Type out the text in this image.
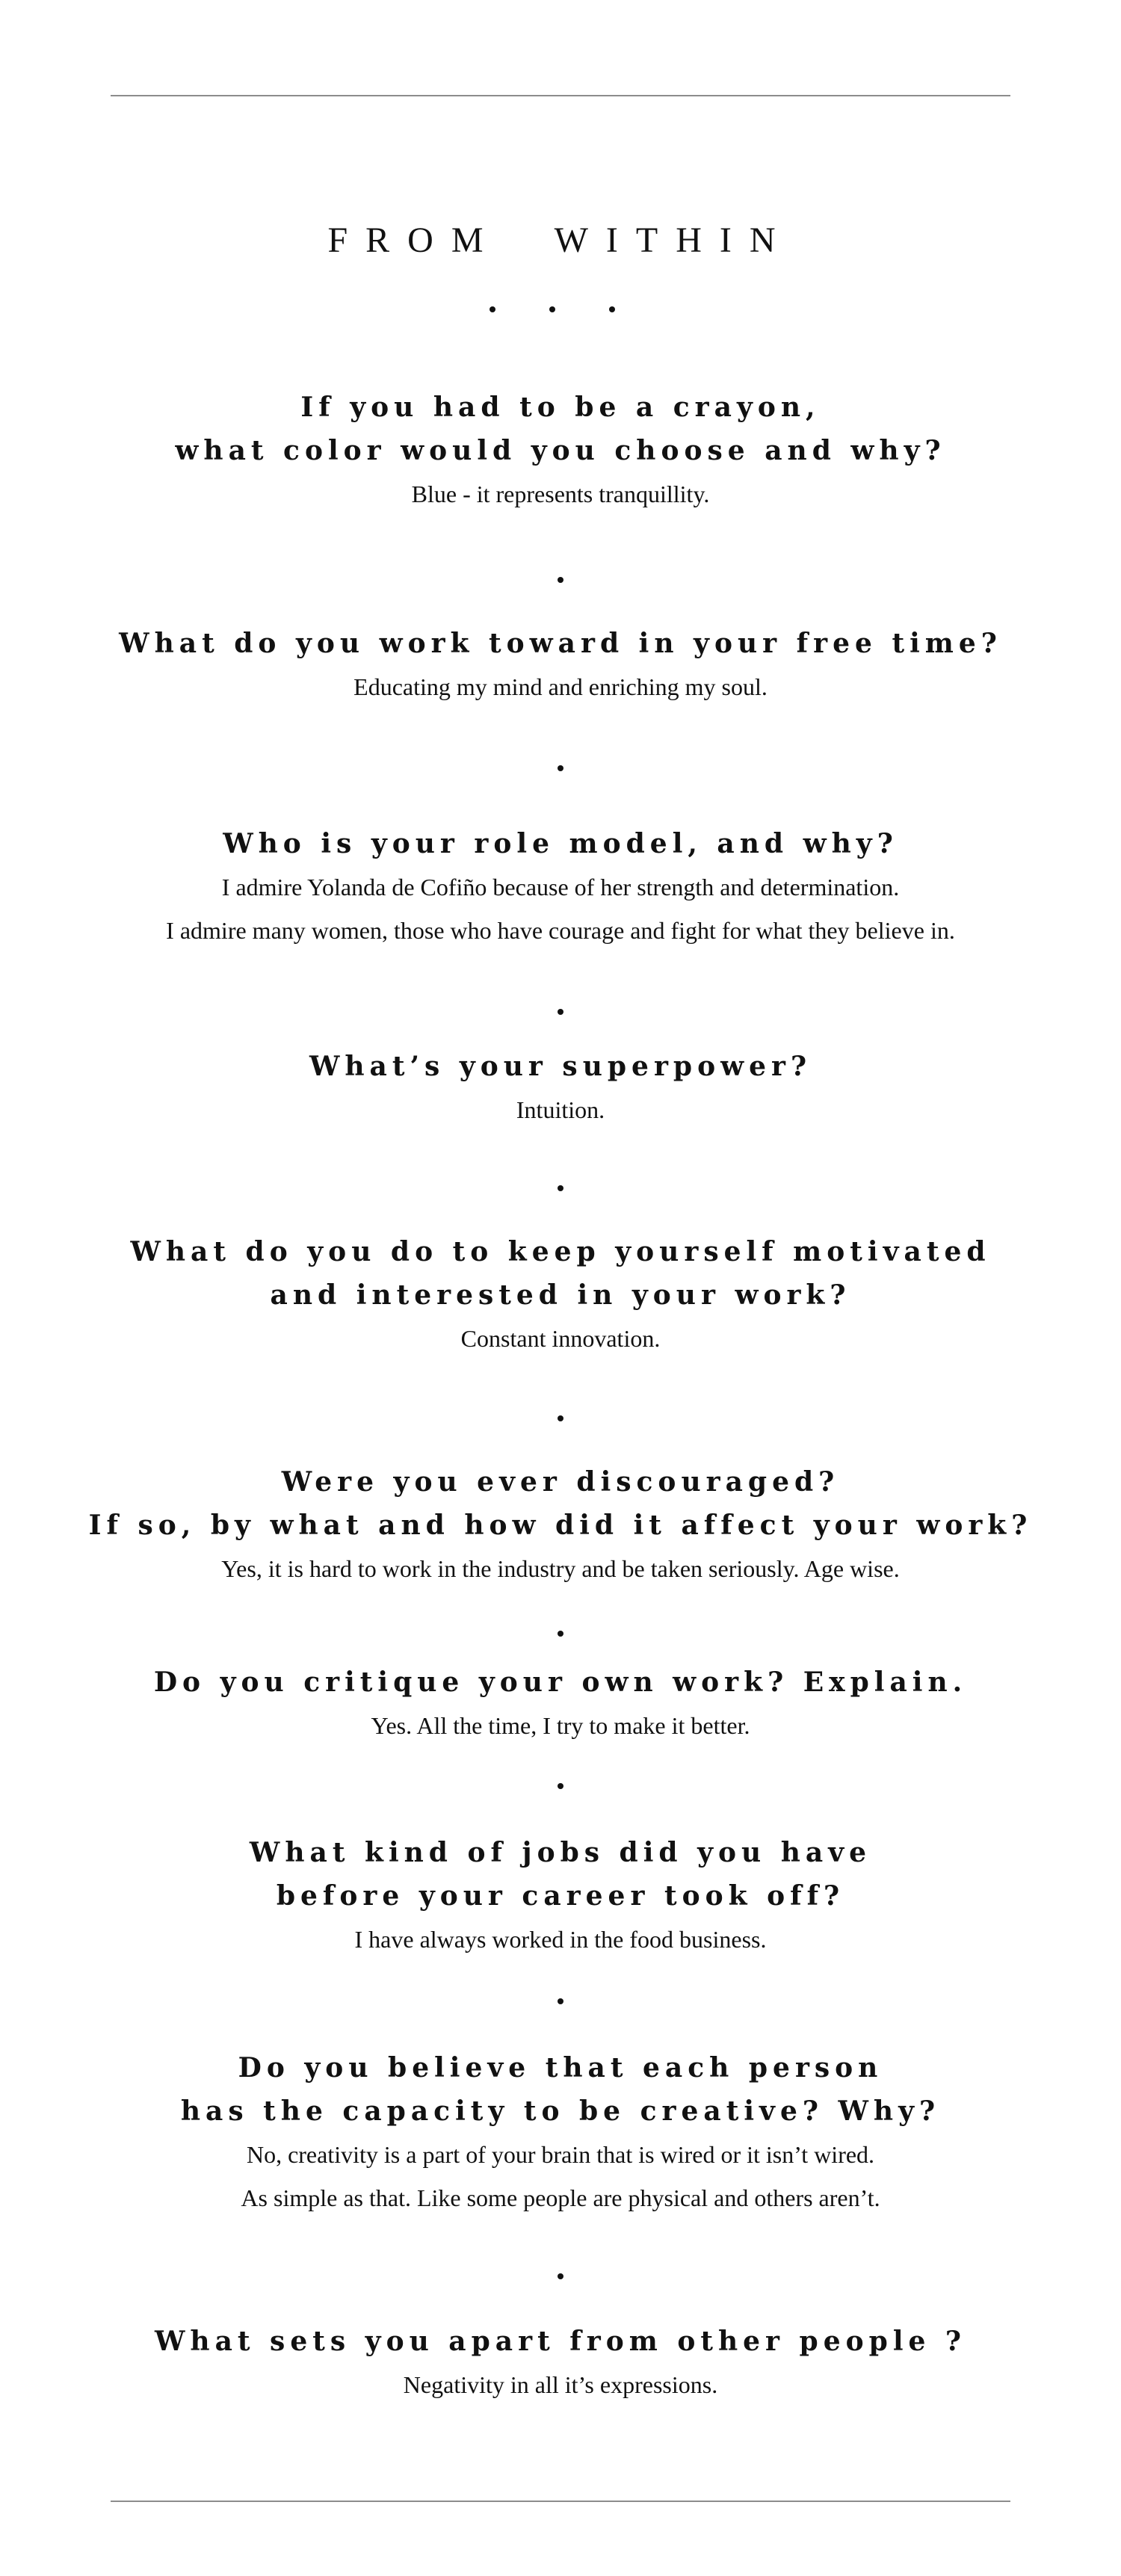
FROM WITHIN

If you had to be a crayon,

what color would you choose and why?

Blue - it represents tranquillity.

What do you work toward in your free time?

Educating my mind and enriching my soul.

Who is your role model, and why?

I admire Yolanda de Cofiño because of her strength and determination.

I admire many women, those who have courage and fight for what they believe in.

What’s your superpower?

Intuition.

What do you do to keep yourself motivated

and interested in your work?

Constant innovation.

Were you ever discouraged?

If so, by what and how did it affect your work?

Yes, it is hard to work in the industry and be taken seriously. Age wise.

Do you critique your own work? Explain.

Yes. All the time, I try to make it better.

What kind of jobs did you have

before your career took off?

I have always worked in the food business.

Do you believe that each person

has the capacity to be creative? Why?

No, creativity is a part of your brain that is wired or it isn’t wired.

As simple as that. Like some people are physical and others aren’t.

What sets you apart from other people ?

Negativity in all it’s expressions.
